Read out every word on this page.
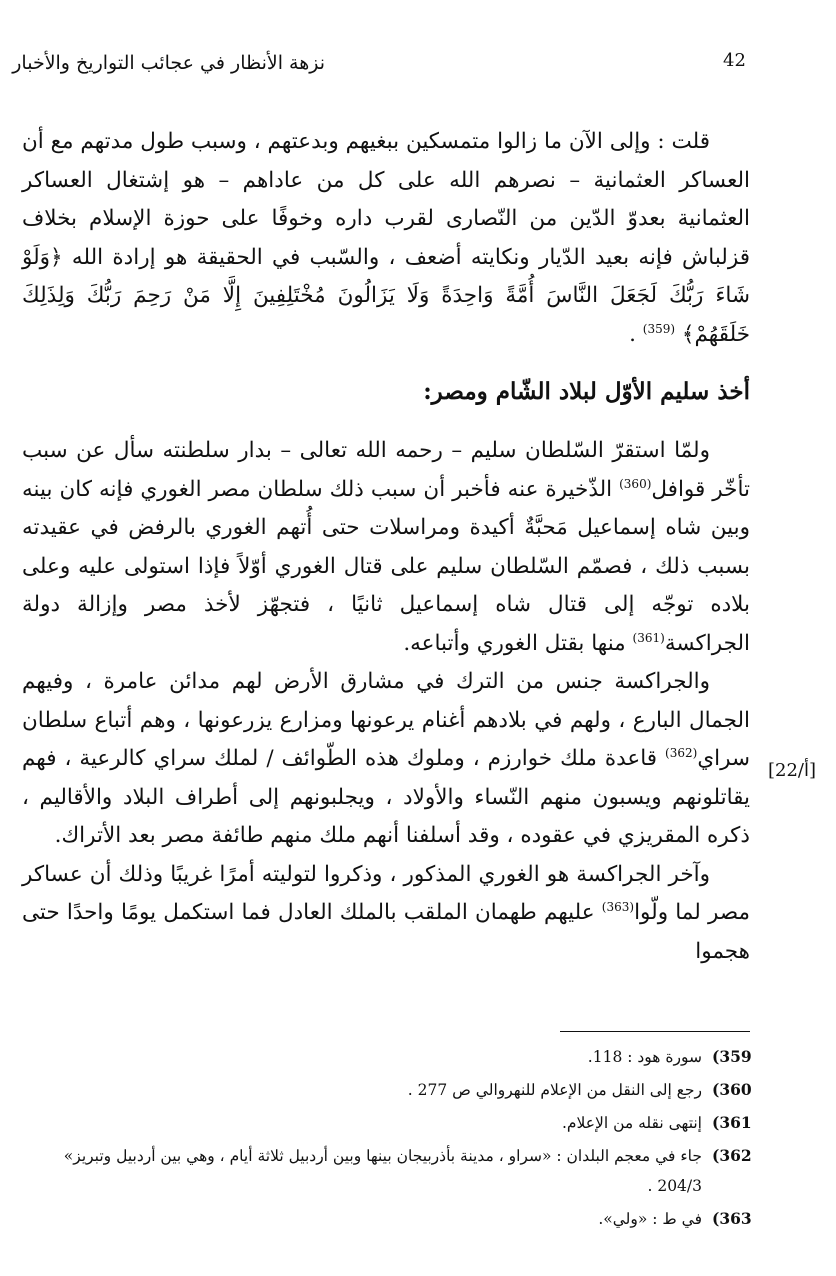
نزهة الأنظار في عجائب التواريخ والأخبار	42

قلت : وإلى الآن ما زالوا متمسكين ببغيهم وبدعتهم ، وسبب طول مدتهم مع أن العساكر العثمانية – نصرهم الله على كل من عاداهم – هو إشتغال العساكر العثمانية بعدوّ الدّين من النّصارى لقرب داره وخوفًا على حوزة الإسلام بخلاف قزلباش فإنه بعيد الدّيار ونكايته أضعف ، والسّبب في الحقيقة هو إرادة الله ﴿وَلَوْ شَاءَ رَبُّكَ لَجَعَلَ النَّاسَ أُمَّةً وَاحِدَةً وَلَا يَزَالُونَ مُخْتَلِفِينَ إِلَّا مَنْ رَحِمَ رَبُّكَ وَلِذَلِكَ خَلَقَهُمْ﴾ $^{(359)}$ .

أخذ سليم الأوّل لبلاد الشّام ومصر:

ولمّا استقرّ السّلطان سليم – رحمه الله تعالى – بدار سلطنته سأل عن سبب تأخّر قوافل$^{(360)}$ الذّخيرة عنه فأخبر أن سبب ذلك سلطان مصر الغوري فإنه كان بينه وبين شاه إسماعيل مَحبَّةٌ أكيدة ومراسلات حتى أُتهم الغوري بالرفض في عقيدته بسبب ذلك ، فصمّم السّلطان سليم على قتال الغوري أوّلاً فإذا استولى عليه وعلى بلاده توجّه إلى قتال شاه إسماعيل ثانيًا ، فتجهّز لأخذ مصر وإزالة دولة الجراكسة$^{(361)}$ منها بقتل الغوري وأتباعه.

والجراكسة جنس من الترك في مشارق الأرض لهم مدائن عامرة ، وفيهم الجمال البارع ، ولهم في بلادهم أغنام يرعونها ومزارع يزرعونها ، وهم أتباع سلطان سراي$^{(362)}$ قاعدة ملك خوارزم ، وملوك هذه الطّوائف / لملك سراي كالرعية ، فهم يقاتلونهم ويسبون منهم النّساء والأولاد ، ويجلبونهم إلى أطراف البلاد والأقاليم ، ذكره المقريزي في عقوده ، وقد أسلفنا أنهم ملك منهم طائفة مصر بعد الأتراك.

وآخر الجراكسة هو الغوري المذكور ، وذكروا لتوليته أمرًا غريبًا وذلك أن عساكر مصر لما ولّوا$^{(363)}$ عليهم طهمان الملقب بالملك العادل فما استكمل يومًا واحدًا حتى هجموا

[22/أ]
(359
سورة هود : 118.
(360
رجع إلى النقل من الإعلام للنهروالي ص 277 .
(361
إنتهى نقله من الإعلام.
(362
جاء في معجم البلدان : «سراو ، مدينة بأذربيجان بينها وبين أردبيل ثلاثة أيام ، وهي بين أردبيل وتبريز» 204/3 .
(363
في ط : «ولي».
